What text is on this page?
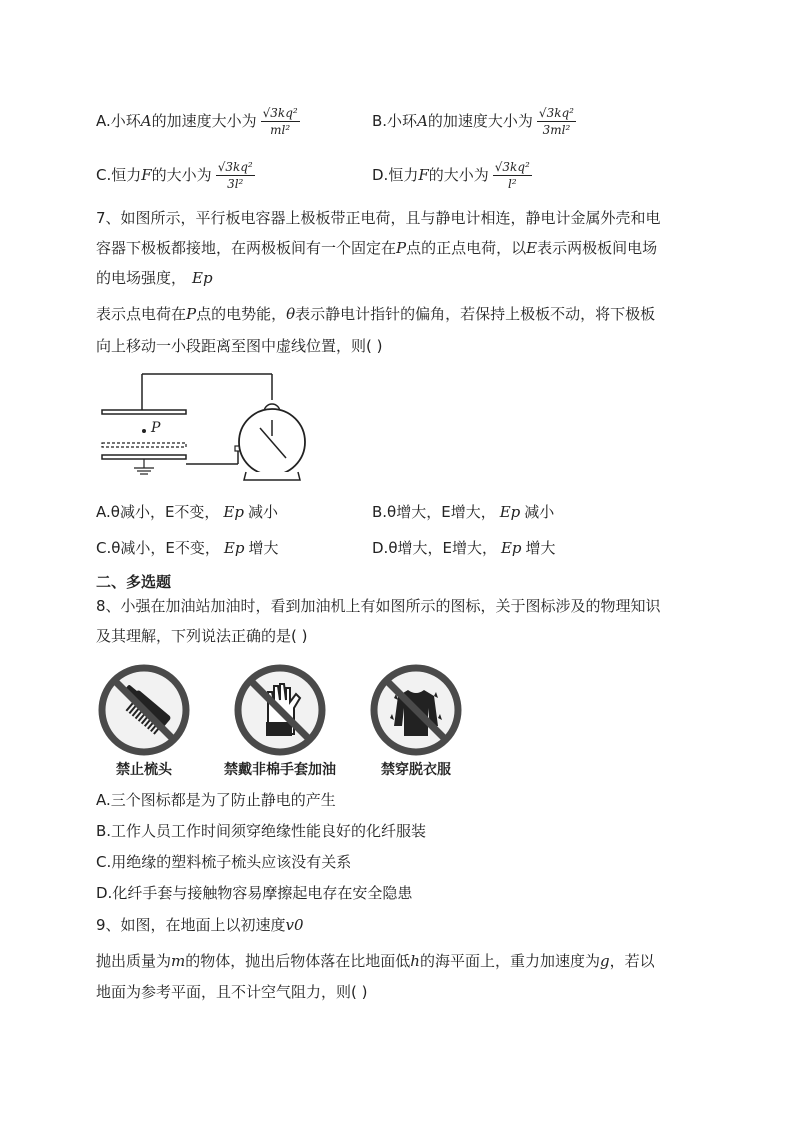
A.小环A的加速度大小为 $\frac{\text{√3kq²}}{\text{ml²}}$	B.小环A的加速度大小为 $\frac{\text{√3kq²}}{\text{3ml²}}$
C.恒力F的大小为 $\frac{\text{√3kq²}}{\text{3l²}}$	D.恒力F的大小为 $\frac{\text{√3kq²}}{\text{l²}}$
7、如图所示，平行板电容器上极板带正电荷，且与静电计相连，静电计金属外壳和电
容器下极板都接地，在两极板间有一个固定在P点的正点电荷，以E表示两极板间电场
的电场强度， Ep
表示点电荷在P点的电势能，θ表示静电计指针的偏角，若保持上极板不动，将下极板
向上移动一小段距离至图中虚线位置，则( )
P
A.θ减小，E不变， Ep 减小	B.θ增大，E增大， Ep 减小
C.θ减小，E不变， Ep 增大	D.θ增大，E增大， Ep 增大
二、多选题
8、小强在加油站加油时，看到加油机上有如图所示的图标，关于图标涉及的物理知识
及其理解，下列说法正确的是( )
禁止梳头	禁戴非棉手套加油	禁穿脱衣服
A.三个图标都是为了防止静电的产生
B.工作人员工作时间须穿绝缘性能良好的化纤服装
C.用绝缘的塑料梳子梳头应该没有关系
D.化纤手套与接触物容易摩擦起电存在安全隐患
9、如图，在地面上以初速度v0
抛出质量为m的物体，抛出后物体落在比地面低h的海平面上，重力加速度为g，若以
地面为参考平面，且不计空气阻力，则( )
